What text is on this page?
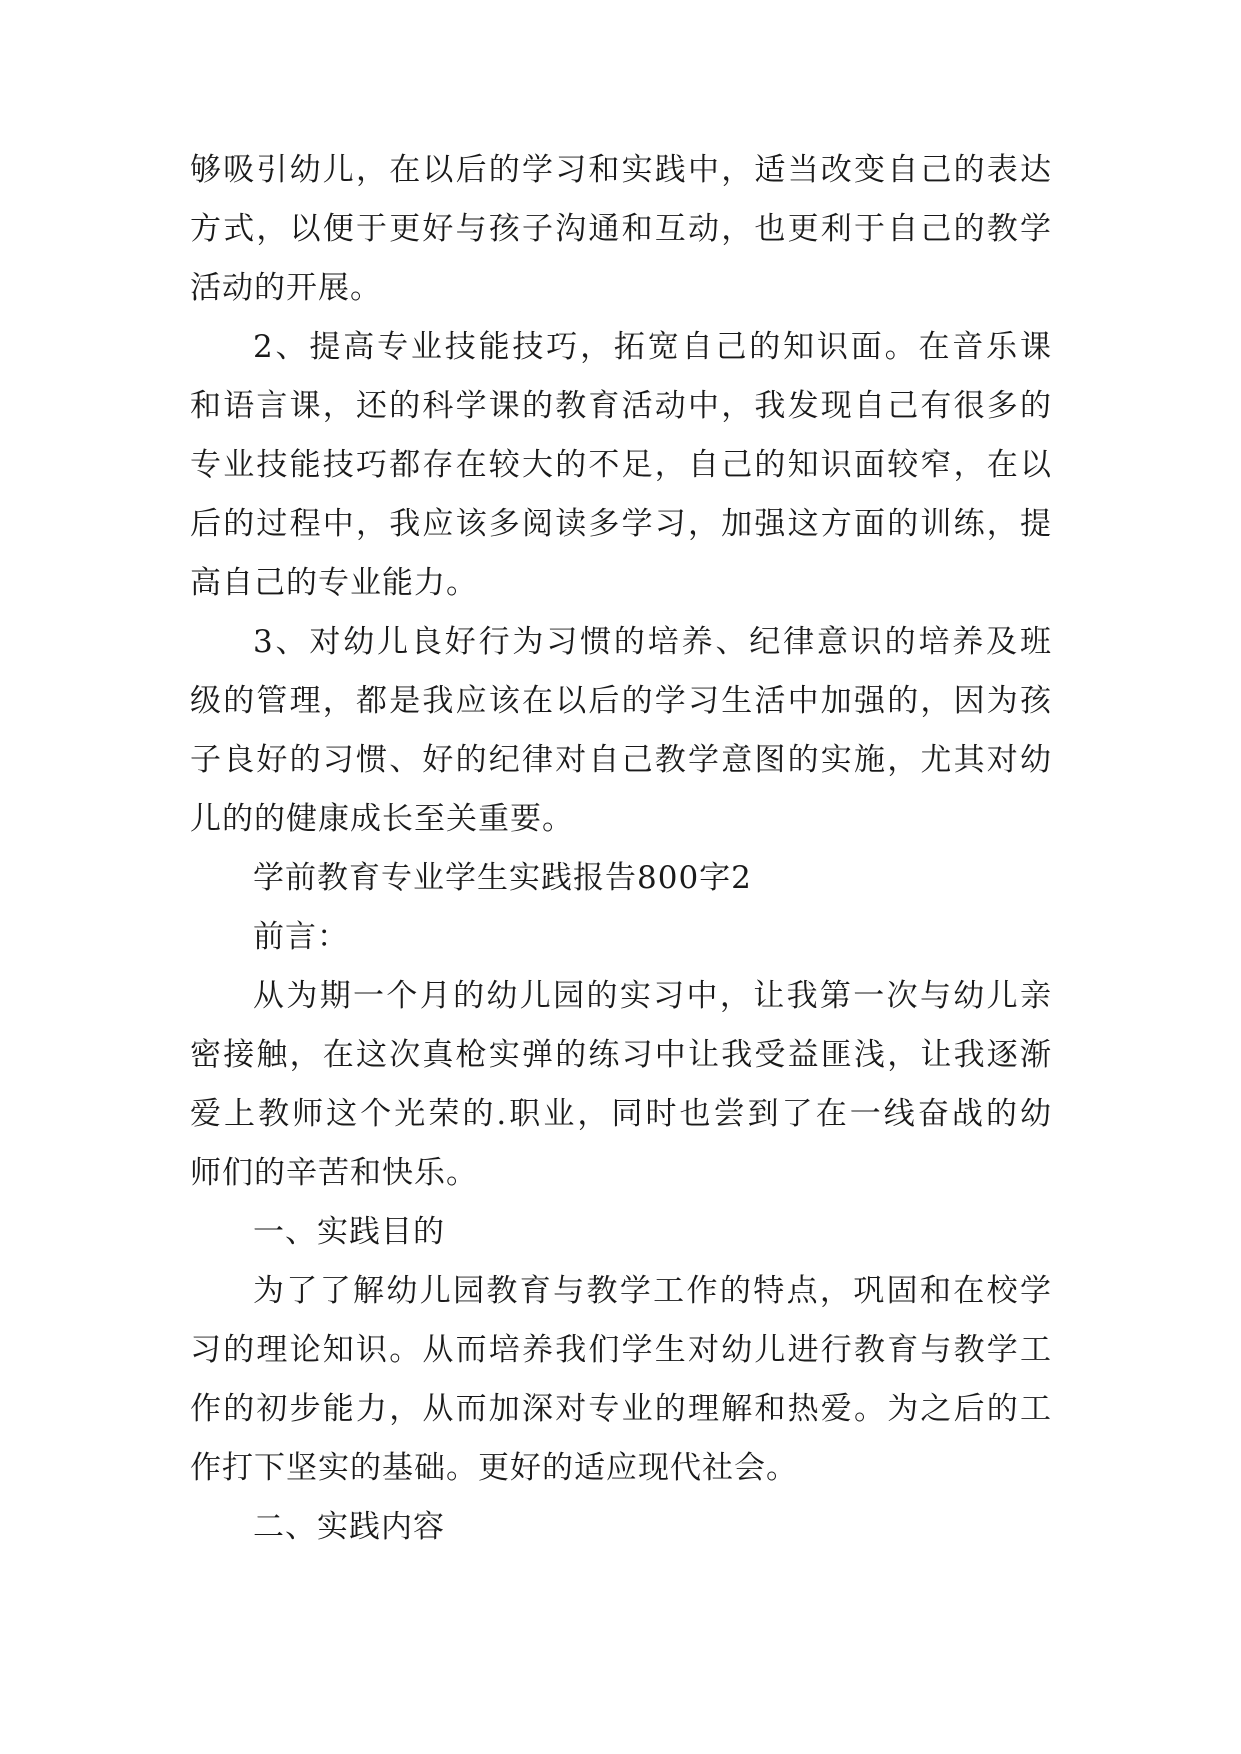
够吸引幼儿，在以后的学习和实践中，适当改变自己的表达
方式，以便于更好与孩子沟通和互动，也更利于自己的教学
活动的开展。
2、提高专业技能技巧，拓宽自己的知识面。在音乐课
和语言课，还的科学课的教育活动中，我发现自己有很多的
专业技能技巧都存在较大的不足，自己的知识面较窄，在以
后的过程中，我应该多阅读多学习，加强这方面的训练，提
高自己的专业能力。
3、对幼儿良好行为习惯的培养、纪律意识的培养及班
级的管理，都是我应该在以后的学习生活中加强的，因为孩
子良好的习惯、好的纪律对自己教学意图的实施，尤其对幼
儿的的健康成长至关重要。
学前教育专业学生实践报告800字2
前言：
从为期一个月的幼儿园的实习中，让我第一次与幼儿亲
密接触，在这次真枪实弹的练习中让我受益匪浅，让我逐渐
爱上教师这个光荣的.职业，同时也尝到了在一线奋战的幼
师们的辛苦和快乐。
一、实践目的
为了了解幼儿园教育与教学工作的特点，巩固和在校学
习的理论知识。从而培养我们学生对幼儿进行教育与教学工
作的初步能力，从而加深对专业的理解和热爱。为之后的工
作打下坚实的基础。更好的适应现代社会。
二、实践内容
